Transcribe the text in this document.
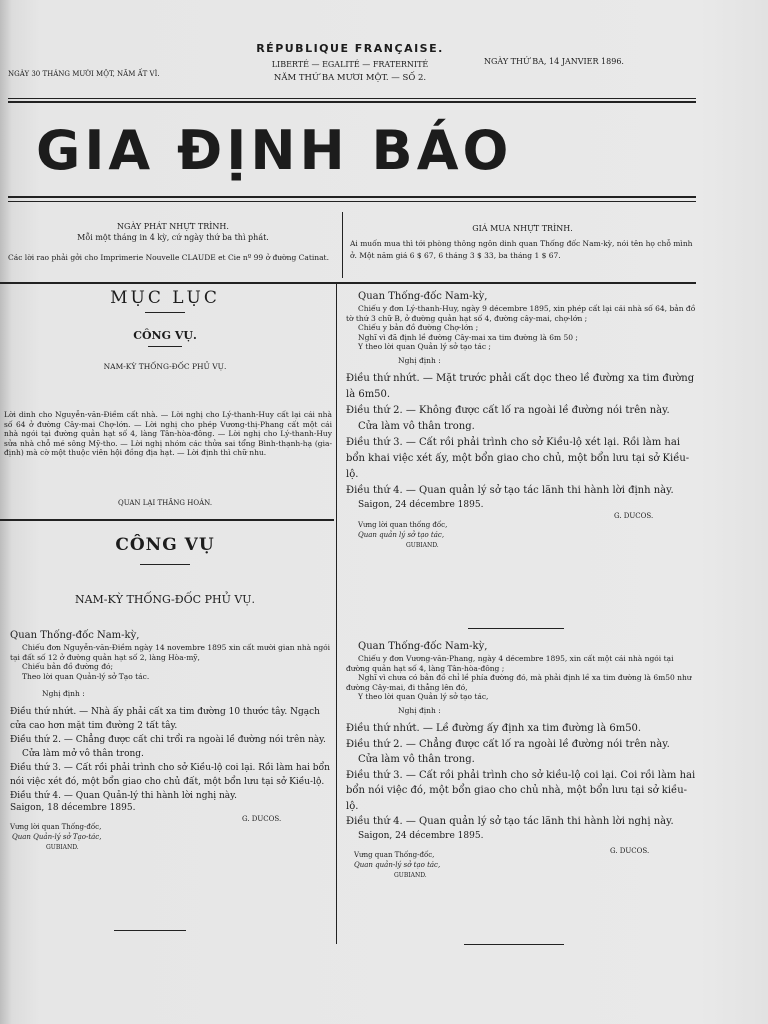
NGÀY 30 THÁNG MƯỜI MỘT, NĂM ẤT VÌ.
RÉPUBLIQUE FRANÇAISE.
LIBERTÉ — EGALITÉ — FRATERNITÉ
NĂM THỨ BA MƯƠI MỘT. — SỐ 2.
NGÀY THỨ BA, 14 JANVIER 1896.
GIA ĐỊNH BÁO
NGÀY PHÁT NHỰT TRÌNH.
Mỗi một tháng in 4 kỳ, cứ ngày thứ ba thì phát.
Các lời rao phải gởi cho Imprimerie Nouvelle CLAUDE et Cie nº 99 ở đường Catinat.
GIÁ MUA NHỰT TRÌNH.
Ai muốn mua thì tới phòng thông ngôn dinh quan Thống đốc Nam-kỳ, nói tên họ chỗ mình ở. Một năm giá 6 $ 67, 6 tháng 3 $ 33, ba tháng 1 $ 67.
MỤC LỤC
CÔNG VỤ.
NAM-KỲ THỐNG-ĐỐC PHỦ VỤ.
Lời dinh cho Nguyễn-văn-Điềm cất nhà. — Lời nghị cho Lý-thanh-Huy cất lại cái nhà số 64 ở đường Cây-mai Chợ-lớn. — Lời nghị cho phép Vương-thị-Phang cất một cái nhà ngói tại đường quản hạt số 4, làng Tân-hòa-đông. — Lời nghị cho Lý-thanh-Huy sửa nhà chỗ mé sông Mỹ-tho. — Lời nghị nhóm các thửa sai tổng Bình-thạnh-hạ (gia-định) mà cờ một thuộc viên hội đồng địa hạt. — Lời định thì chữ nhu.
QUAN LẠI THĂNG HOÁN.
CÔNG VỤ
NAM-KỲ THỐNG-ĐỐC PHỦ VỤ.
Quan Thống-đốc Nam-kỳ,

Chiếu đơn Nguyễn-văn-Điềm ngày 14 novembre 1895 xin cất mười gian nhà ngói tại đất số 12 ở đường quản hạt số 2, làng Hòa-mỹ,

Chiếu bản đồ đường đó;

Theo lời quan Quản-lý sở Tạo tác.

Nghị định :

Điều thứ nhứt. — Nhà ấy phải cất xa tim đường 10 thước tây. Ngạch cửa cao hơn mặt tim đường 2 tất tây.

Điều thứ 2. — Chẳng được cất chi trổi ra ngoài lề đường nói trên này.

Cửa làm mở vô thân trong.

Điều thứ 3. — Cất rồi phải trình cho sở Kiều-lộ coi lại. Rồi làm hai bổn nói việc xét đó, một bổn giao cho chủ đất, một bổn lưu tại sở Kiều-lộ.

Điều thứ 4. — Quan Quản-lý thi hành lời nghị này.

Saigon, 18 décembre 1895.
G. DUCOS.
Vưng lời quan Thống-đốc,
Quan Quản-lý sở Tạo-tác,
GUBIAND.
Quan Thống-đốc Nam-kỳ,

Chiếu y đơn Lý-thanh-Huy, ngày 9 décembre 1895, xin phép cất lại cái nhà số 64, bản đồ tờ thứ 3 chữ B, ở đường quản hạt số 4, đường cây-mai, chợ-lớn ;

Chiếu y bản đồ đường Chợ-lớn ;

Nghĩ vì đã định lề đường Cây-mai xa tim đường là 6m 50 ;

Y theo lời quan Quản lý sở tạo tác ;

Nghị định :

Điều thứ nhứt. — Mặt trước phải cất dọc theo lề đường xa tim đường là 6m50.

Điều thứ 2. — Không được cất lố ra ngoài lề đường nói trên này.

Cửa làm vô thân trong.

Điều thứ 3. — Cất rồi phải trình cho sở Kiều-lộ xét lại. Rồi làm hai bổn khai việc xét ấy, một bổn giao cho chủ, một bổn lưu tại sở Kiều-lộ.

Điều thứ 4. — Quan quản lý sở tạo tác lãnh thi hành lời định này.

Saigon, 24 décembre 1895.
G. DUCOS.
Vưng lời quan thống đốc,
Quan quản lý sở tạo tác,
GUBIAND.
Quan Thống-đốc Nam-kỳ,

Chiếu y đơn Vương-văn-Phang, ngày 4 décembre 1895, xin cất một cái nhà ngói tại đường quản hạt số 4, làng Tân-hòa-đông ;

Nghĩ vì chưa có bản đồ chỉ lề phía đường đó, mà phải định lề xa tim đường là 6m50 như đường Cây-mai, đi thẳng lên đó,

Y theo lời quan Quản lý sở tạo tác,

Nghị định :

Điều thứ nhứt. — Lề đường ấy định xa tim đường là 6m50.

Điều thứ 2. — Chẳng được cất lố ra ngoài lề đường nói trên này.

Cửa làm vô thân trong.

Điều thứ 3. — Cất rồi phải trình cho sở kiều-lộ coi lại. Coi rồi làm hai bổn nói việc đó, một bổn giao cho chủ nhà, một bổn lưu tại sở kiều-lộ.

Điều thứ 4. — Quan quản lý sở tạo tác lãnh thi hành lời nghị này.

Saigon, 24 décembre 1895.
G. DUCOS.
Vưng quan Thống-đốc,
Quan quản-lý sở tạo tác,
GUBIAND.
